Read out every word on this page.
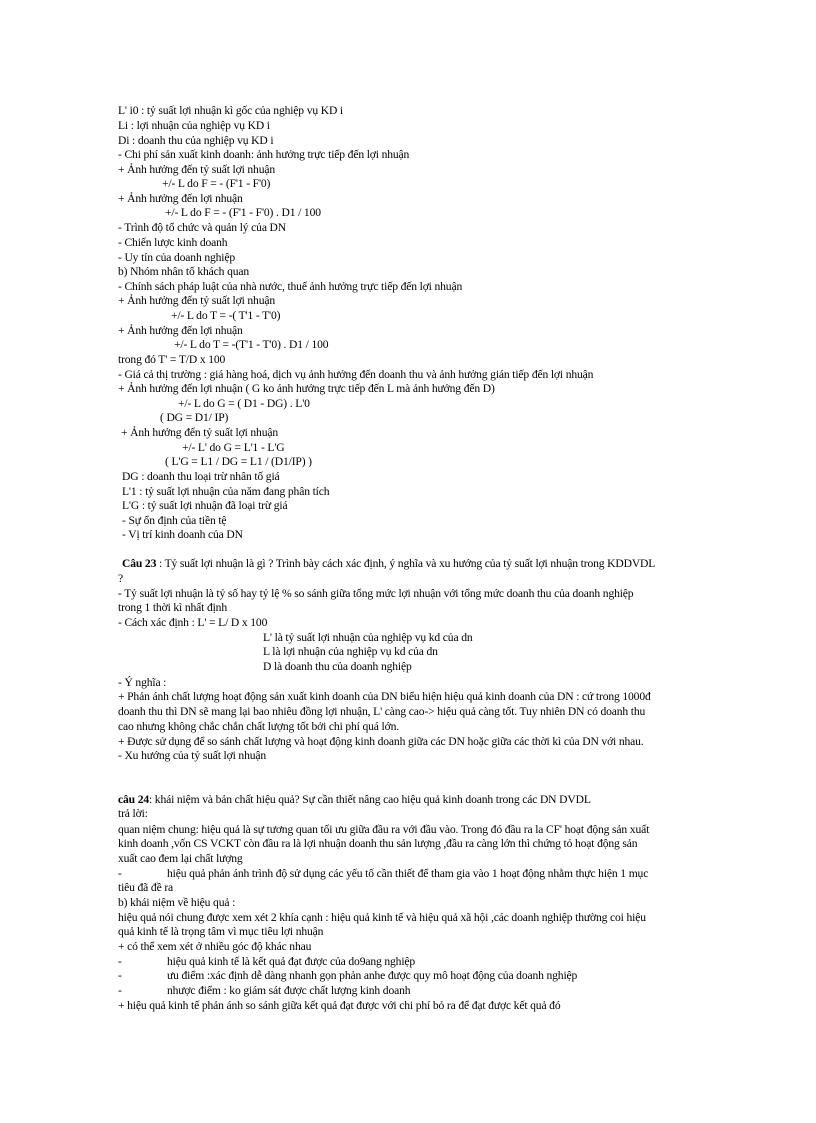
L' i0 : tỷ suất lợi nhuận kì gốc của nghiệp vụ KD i
Li : lợi nhuận của nghiệp vụ KD i
Di : doanh thu của nghiệp vụ KD i
- Chi phí sản xuất kinh doanh: ảnh hưởng trực tiếp đến lợi nhuận
+ Ảnh hưởng đến tỷ suất lợi nhuận
+/- L do F = - (F'1 - F'0)
+ Ảnh hưởng đến lợi nhuận
+/- L do F = - (F'1 - F'0) . D1 / 100
- Trình độ tổ chức và quản lý của DN
- Chiến lược kinh doanh
- Uy tín của doanh nghiệp
b) Nhóm nhân tố khách quan
- Chính sách pháp luật của nhà nước, thuế ảnh hưởng trực tiếp đến lợi nhuận
+ Ảnh hưởng đến tỷ suất lợi nhuận
+/- L do T = -( T'1 - T'0)
+ Ảnh hưởng đến lợi nhuận
+/- L do T = -(T'1 - T'0) . D1 / 100
trong đó T' = T/D x 100
- Giá cả thị trường : giá hàng hoá, dịch vụ ảnh hưởng đến doanh thu và ảnh hưởng gián tiếp đến lợi nhuận
+ Ảnh hưởng đến lợi nhuận ( G ko ảnh hưởng trực tiếp đến L mà ảnh hưởng đến D)
+/- L do G = ( D1 - DG) . L'0
( DG = D1/ IP)
+ Ảnh hưởng đến tỷ suất lợi nhuận
+/- L' do G = L'1 - L'G
( L'G = L1 / DG = L1 / (D1/IP) )
DG : doanh thu loại trừ nhân tố giá
L'1 : tỷ suất lợi nhuận của năm đang phân tích
L'G : tỷ suất lợi nhuận đã loại trừ giá
- Sự ổn định của tiền tệ
- Vị trí kinh doanh của DN
Câu 23 : Tỷ suất lợi nhuận là gì ? Trình bày cách xác định, ý nghĩa và xu hướng của tỷ suất lợi nhuận trong KDDVDL
?
- Tỷ suất lợi nhuận là tỷ số hay tỷ lệ % so sánh giữa tổng mức lợi nhuận với tổng mức doanh thu của doanh nghiệp
trong 1 thời kì nhất định
- Cách xác định : L' = L/ D x 100
L' là tỷ suất lợi nhuận của nghiệp vụ kd của dn
L là lợi nhuận của nghiệp vụ kd của dn
D là doanh thu của doanh nghiệp
- Ý nghĩa :
+ Phản ánh chất lượng hoạt động sản xuất kinh doanh của DN biểu hiện hiệu quả kinh doanh của DN : cứ trong 1000đ
doanh thu thì DN sẽ mang lại bao nhiêu đồng lợi nhuận, L' càng cao-> hiệu quả càng tốt. Tuy nhiên DN có doanh thu
cao nhưng không chắc chắn chất lượng tốt bởi chi phí quá lớn.
+ Được sử dụng để so sánh chất lượng và hoạt động kinh doanh giữa các DN hoặc giữa các thời kì của DN với nhau.
- Xu hướng của tỷ suất lợi nhuận
câu 24: khái niệm và bản chất hiệu quả? Sự cần thiết nâng cao hiệu quả kinh doanh trong các DN DVDL
trả lời:
quan niệm chung: hiệu quả là sự tương quan tối ưu giữa đầu ra với đầu vào. Trong đó đầu ra la CF' hoạt động sản xuất
kinh doanh ,vốn CS VCKT còn đầu ra là lợi nhuận doanh thu sản lượng ,đầu ra càng lớn thì chứng tỏ hoạt động sản
xuất cao đem lại chất lượng
-	hiệu quả phản ánh trình độ sử dụng các yếu tố cần thiết để tham gia vào 1 hoạt động nhằm thực hiện 1 mục
tiêu đã đề ra
b) khái niệm về hiệu quả :
hiệu quả nói chung được xem xét 2 khía cạnh : hiệu quả kinh tế và hiệu quả xã hội ,các doanh nghiệp thường coi hiệu
quả kinh tế là trọng tâm vì mục tiêu lợi nhuận
+ có thể xem xét ở nhiều góc độ khác nhau
-	hiệu quả kinh tế là kết quả đạt được của do9ang nghiệp
-	ưu điểm :xác định dễ dàng nhanh gọn phản anhe được quy mô hoạt động của doanh nghiệp
-	nhược điểm : ko giám sát được chất lượng kinh doanh
+ hiệu quả kinh tế phản ánh so sánh giữa kết quả đạt được với chi phí bỏ ra để đạt được kết quả đó
